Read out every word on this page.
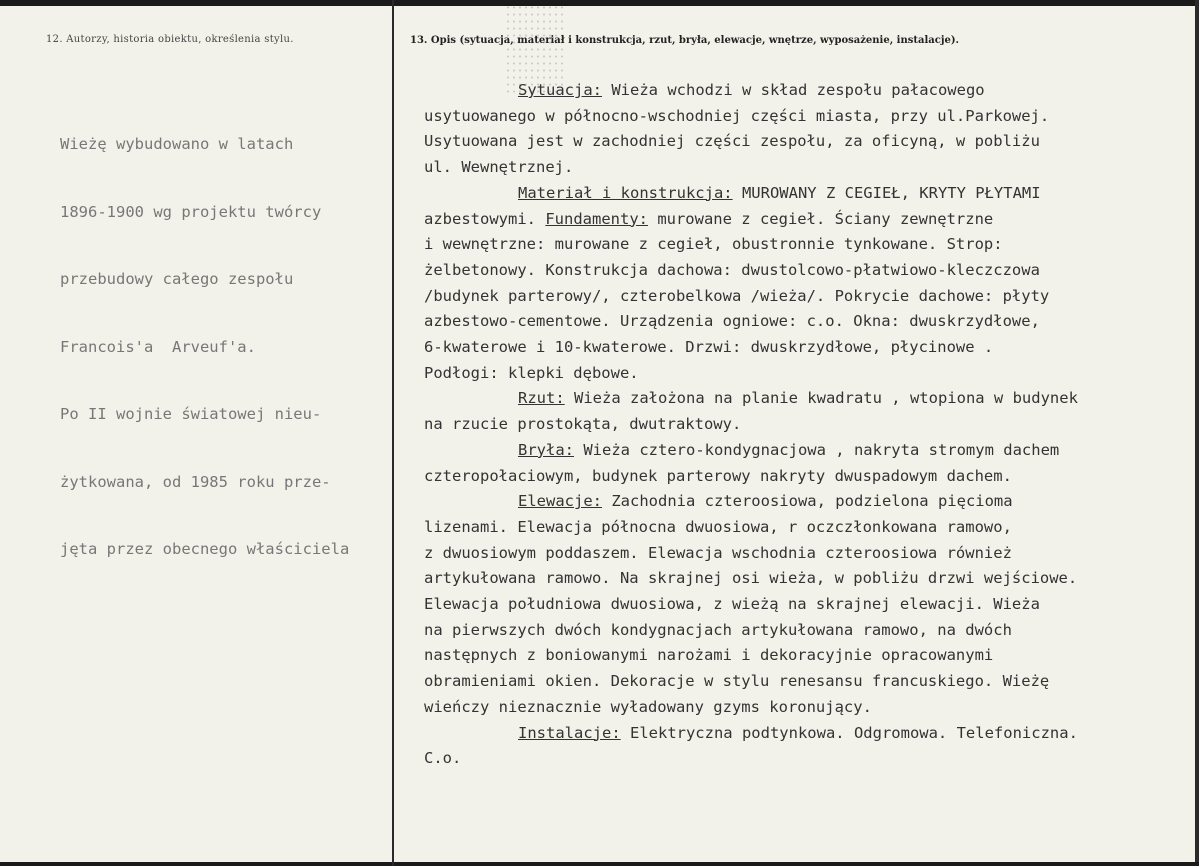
12. Autorzy, historia obiektu, określenia stylu.	13. Opis (sytuacja, materiał i konstrukcja, rzut, bryła, elewacje, wnętrze, wyposażenie, instalacje).

Wieżę wybudowano w latach

1896-1900 wg projektu twórcy

przebudowy całego zespołu

Francois'a  Arveuf'a.

Po II wojnie światowej nieu-

żytkowana, od 1985 roku prze-

jęta przez obecnego właściciela

Sytuacja: Wieża wchodzi w skład zespołu pałacowego

usytuowanego w północno-wschodniej części miasta, przy ul.Parkowej.

Usytuowana jest w zachodniej części zespołu, za oficyną, w pobliżu

ul. Wewnętrznej.

Materiał i konstrukcja: MUROWANY Z CEGIEŁ, KRYTY PŁYTAMI

azbestowymi. Fundamenty: murowane z cegieł. Ściany zewnętrzne

i wewnętrzne: murowane z cegieł, obustronnie tynkowane. Strop:

żelbetonowy. Konstrukcja dachowa: dwustolcowo-płatwiowo-kleczczowa

/budynek parterowy/, czterobelkowa /wieża/. Pokrycie dachowe: płyty

azbestowo-cementowe. Urządzenia ogniowe: c.o. Okna: dwuskrzydłowe,

6-kwaterowe i 10-kwaterowe. Drzwi: dwuskrzydłowe, płycinowe .

Podłogi: klepki dębowe.

Rzut: Wieża założona na planie kwadratu , wtopiona w budynek

na rzucie prostokąta, dwutraktowy.

Bryła: Wieża cztero-kondygnacjowa , nakryta stromym dachem

czteropołaciowym, budynek parterowy nakryty dwuspadowym dachem.

Elewacje: Zachodnia czteroosiowa, podzielona pięcioma

lizenami. Elewacja północna dwuosiowa, r oczczłonkowana ramowo,

z dwuosiowym poddaszem. Elewacja wschodnia czteroosiowa również

artykułowana ramowo. Na skrajnej osi wieża, w pobliżu drzwi wejściowe.

Elewacja południowa dwuosiowa, z wieżą na skrajnej elewacji. Wieża

na pierwszych dwóch kondygnacjach artykułowana ramowo, na dwóch

następnych z boniowanymi narożami i dekoracyjnie opracowanymi

obramieniami okien. Dekoracje w stylu renesansu francuskiego. Wieżę

wieńczy nieznacznie wyładowany gzyms koronujący.

Instalacje: Elektryczna podtynkowa. Odgromowa. Telefoniczna.

C.o.
